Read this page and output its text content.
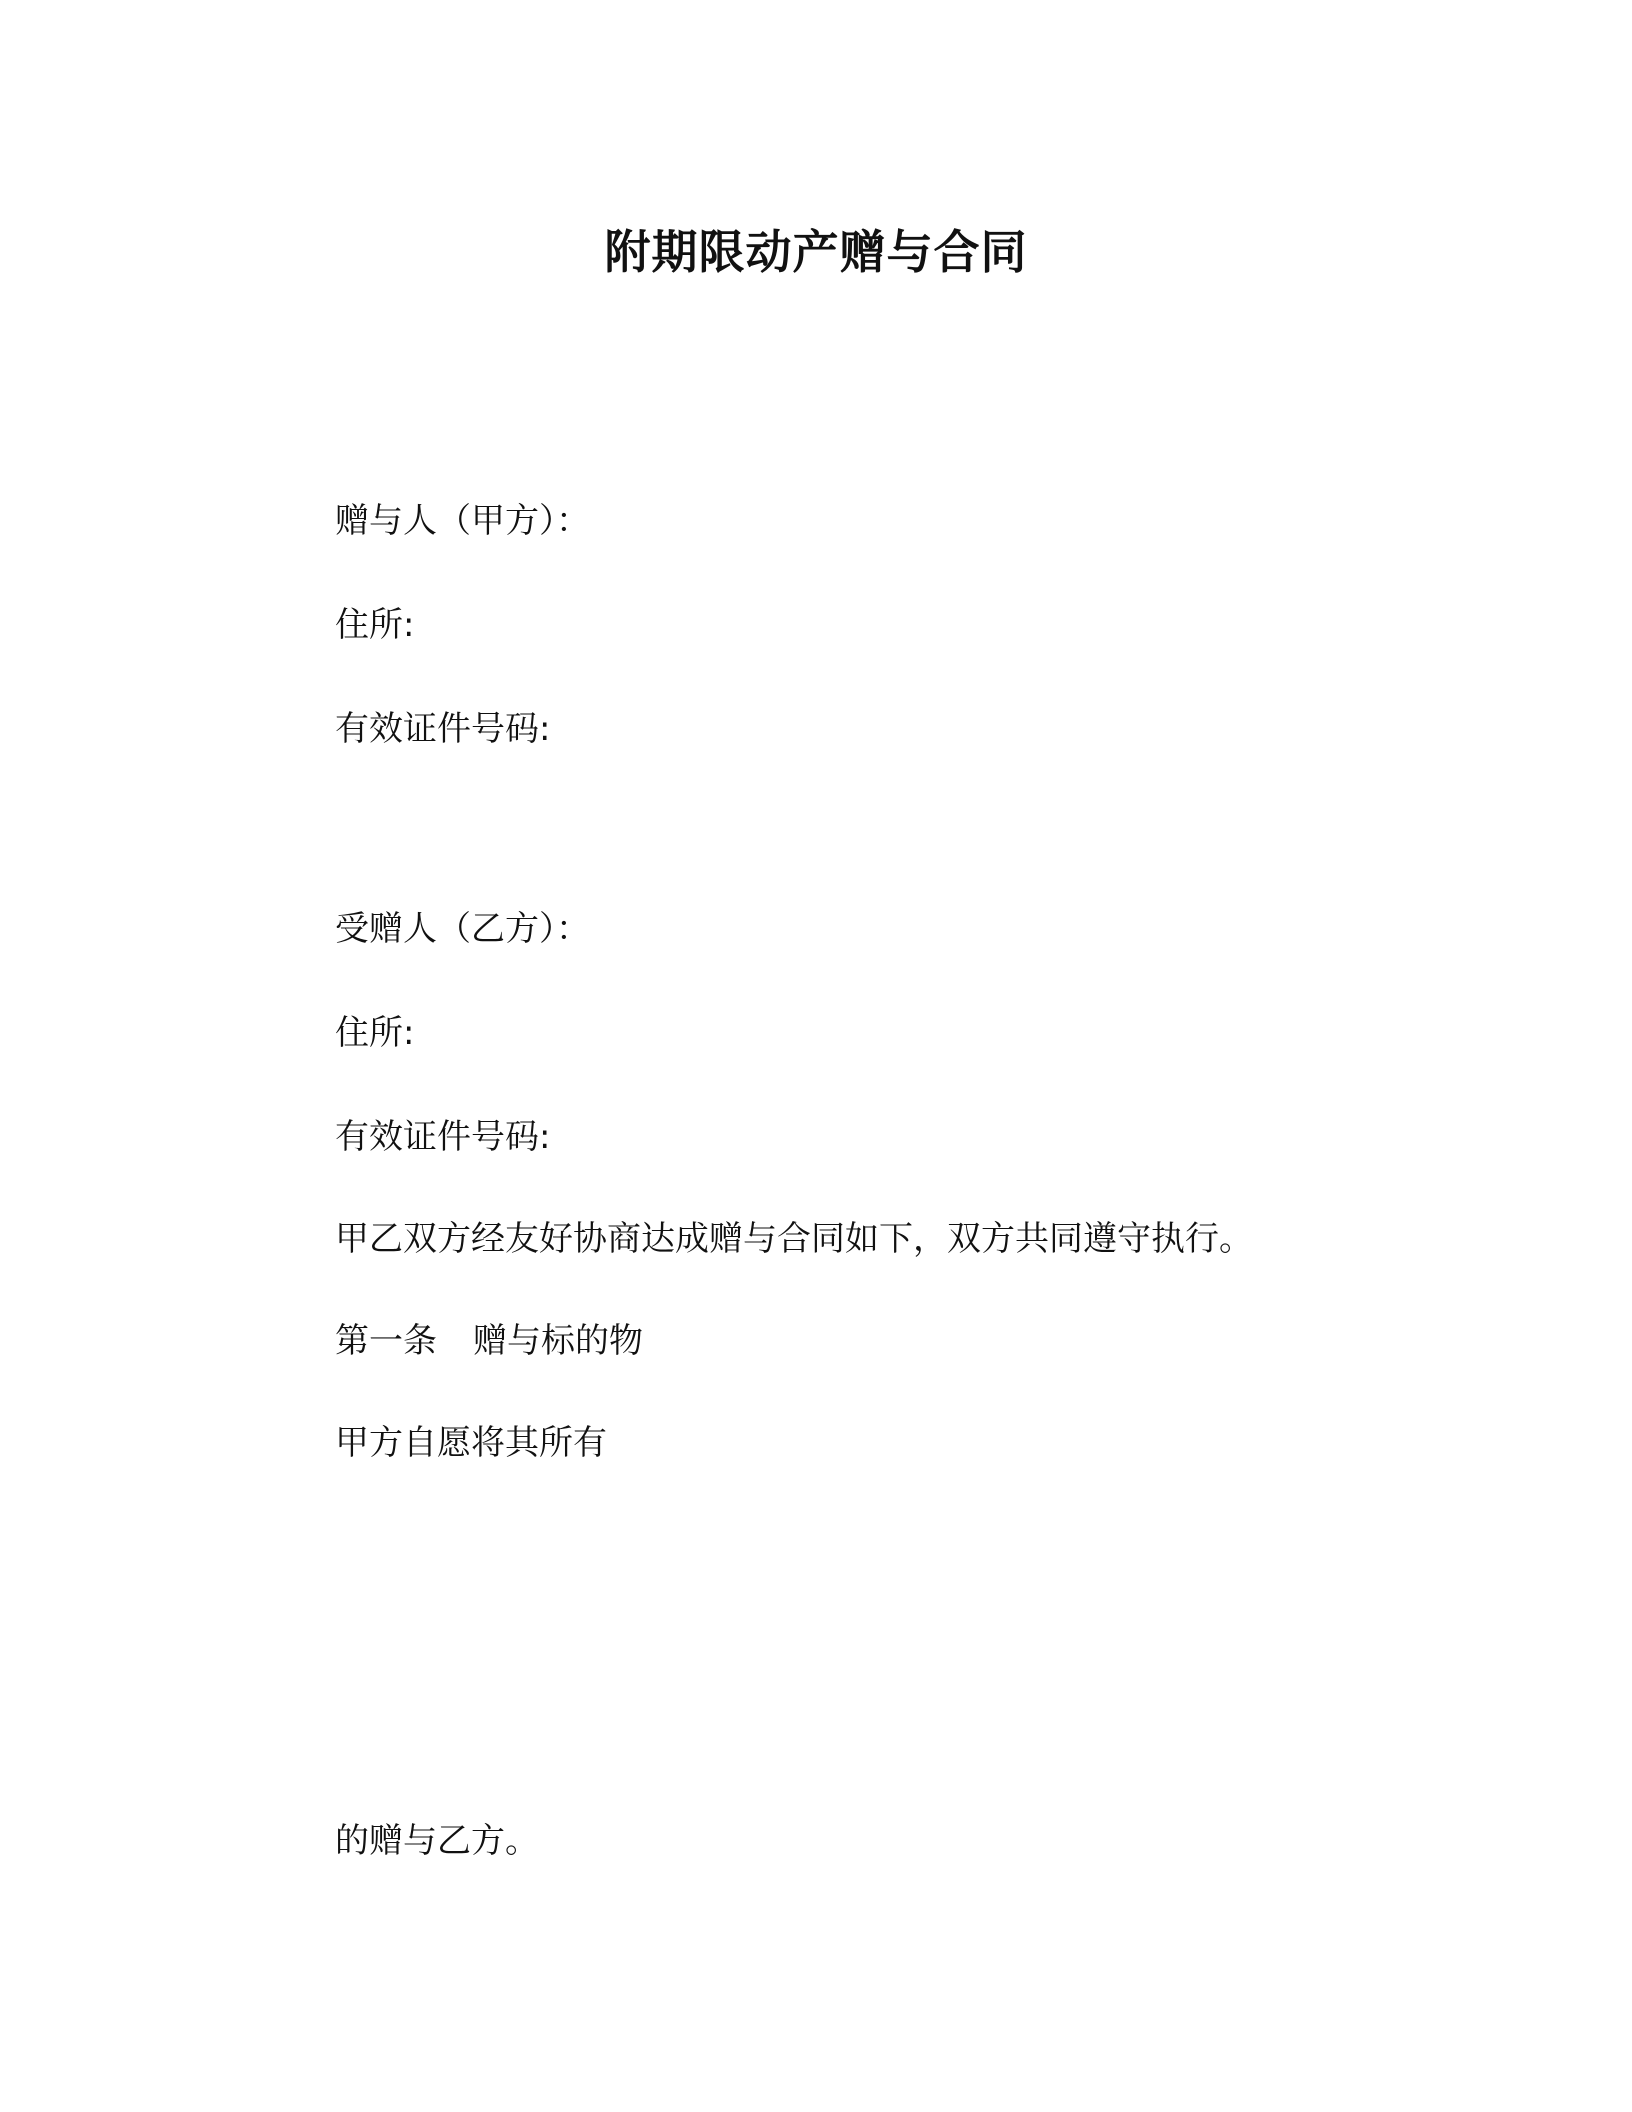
附期限动产赠与合同
赠与人（甲方）：
住所:
有效证件号码:
受赠人（乙方）：
住所:
有效证件号码:
甲乙双方经友好协商达成赠与合同如下，双方共同遵守执行。
第一条 赠与标的物
甲方自愿将其所有
的赠与乙方。
